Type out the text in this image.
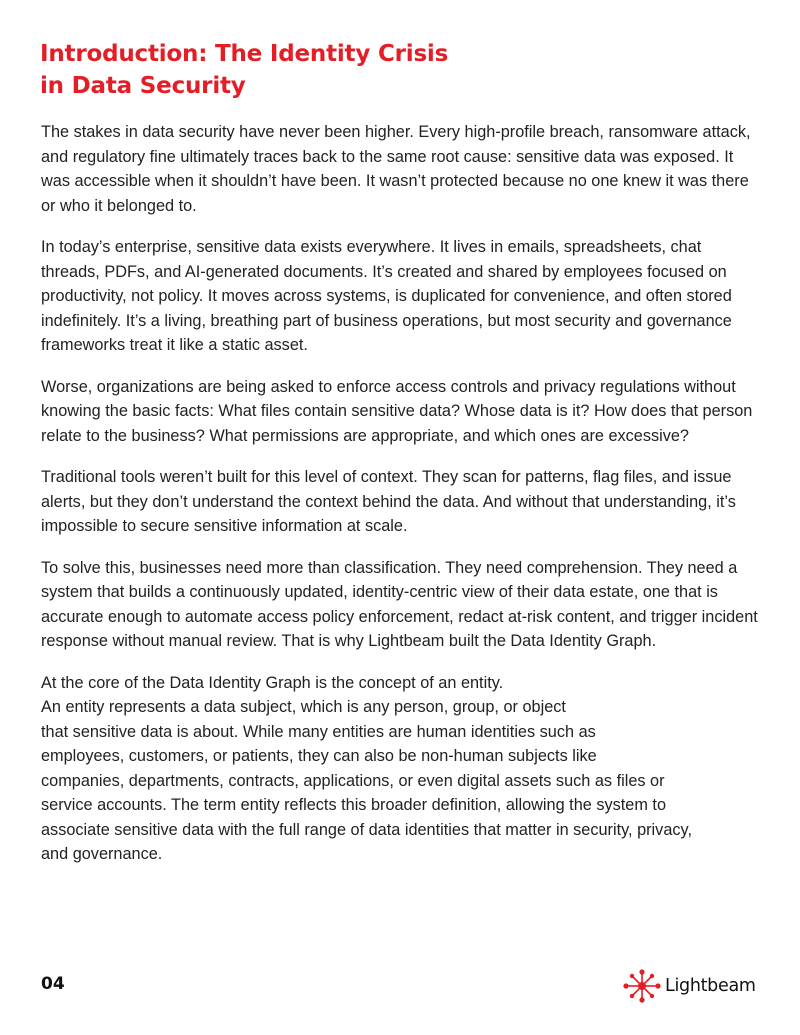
Introduction: The Identity Crisis
in Data Security

The stakes in data security have never been higher. Every high-profile breach, ransomware attack, and regulatory fine ultimately traces back to the same root cause: sensitive data was exposed. It was accessible when it shouldn’t have been. It wasn’t protected because no one knew it was there or who it belonged to.

In today’s enterprise, sensitive data exists everywhere. It lives in emails, spreadsheets, chat threads, PDFs, and AI-generated documents. It’s created and shared by employees focused on productivity, not policy. It moves across systems, is duplicated for convenience, and often stored indefinitely. It’s a living, breathing part of business operations, but most security and governance frameworks treat it like a static asset.

Worse, organizations are being asked to enforce access controls and privacy regulations without knowing the basic facts: What files contain sensitive data? Whose data is it? How does that person relate to the business? What permissions are appropriate, and which ones are excessive?

Traditional tools weren’t built for this level of context. They scan for patterns, flag files, and issue alerts, but they don’t understand the context behind the data. And without that understanding, it’s impossible to secure sensitive information at scale.

To solve this, businesses need more than classification. They need comprehension. They need a system that builds a continuously updated, identity-centric view of their data estate, one that is accurate enough to automate access policy enforcement, redact at-risk content, and trigger incident response without manual review. That is why Lightbeam built the Data Identity Graph.

At the core of the Data Identity Graph is the concept of an entity.
An entity represents a data subject, which is any person, group, or object
that sensitive data is about. While many entities are human identities such as
employees, customers, or patients, they can also be non-human subjects like
companies, departments, contracts, applications, or even digital assets such as files or
service accounts. The term entity reflects this broader definition, allowing the system to
associate sensitive data with the full range of data identities that matter in security, privacy,
and governance.

04	Lightbeam
